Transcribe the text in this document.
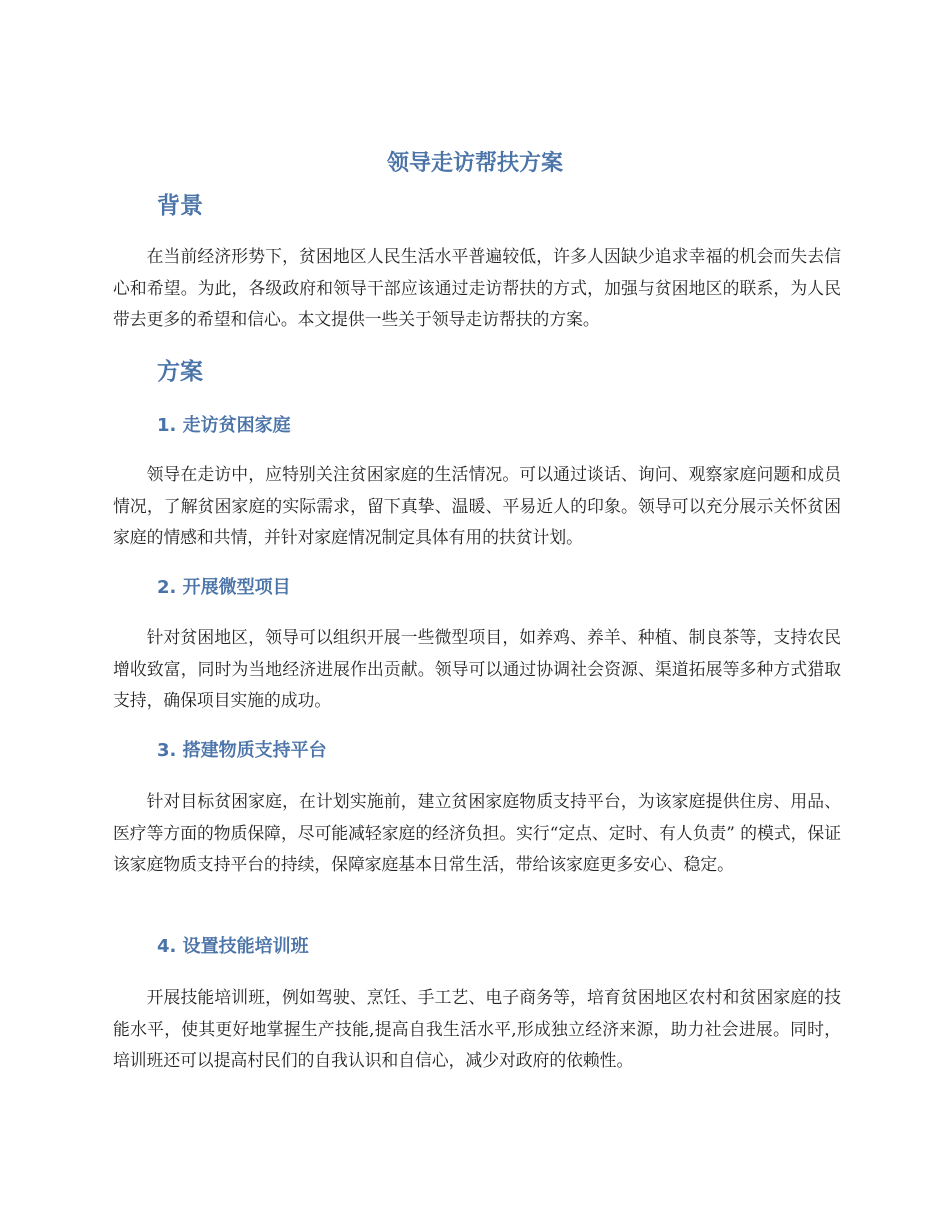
领导走访帮扶方案
背景

在当前经济形势下，贫困地区人民生活水平普遍较低，许多人因缺少追求幸福的机会而失去信心和希望。为此，各级政府和领导干部应该通过走访帮扶的方式，加强与贫困地区的联系，为人民带去更多的希望和信心。本文提供一些关于领导走访帮扶的方案。

方案
1. 走访贫困家庭

领导在走访中，应特别关注贫困家庭的生活情况。可以通过谈话、询问、观察家庭问题和成员情况，了解贫困家庭的实际需求，留下真挚、温暖、平易近人的印象。领导可以充分展示关怀贫困家庭的情感和共情，并针对家庭情况制定具体有用的扶贫计划。

2. 开展微型项目

针对贫困地区，领导可以组织开展一些微型项目，如养鸡、养羊、种植、制良茶等，支持农民增收致富，同时为当地经济进展作出贡献。领导可以通过协调社会资源、渠道拓展等多种方式猎取支持，确保项目实施的成功。

3. 搭建物质支持平台

针对目标贫困家庭，在计划实施前，建立贫困家庭物质支持平台，为该家庭提供住房、用品、医疗等方面的物质保障，尽可能减轻家庭的经济负担。实行“定点、定时、有人负责” 的模式，保证该家庭物质支持平台的持续，保障家庭基本日常生活，带给该家庭更多安心、稳定。

4. 设置技能培训班

开展技能培训班，例如驾驶、烹饪、手工艺、电子商务等，培育贫困地区农村和贫困家庭的技能水平，使其更好地掌握生产技能,提高自我生活水平,形成独立经济来源，助力社会进展。同时，培训班还可以提高村民们的自我认识和自信心，减少对政府的依赖性。
